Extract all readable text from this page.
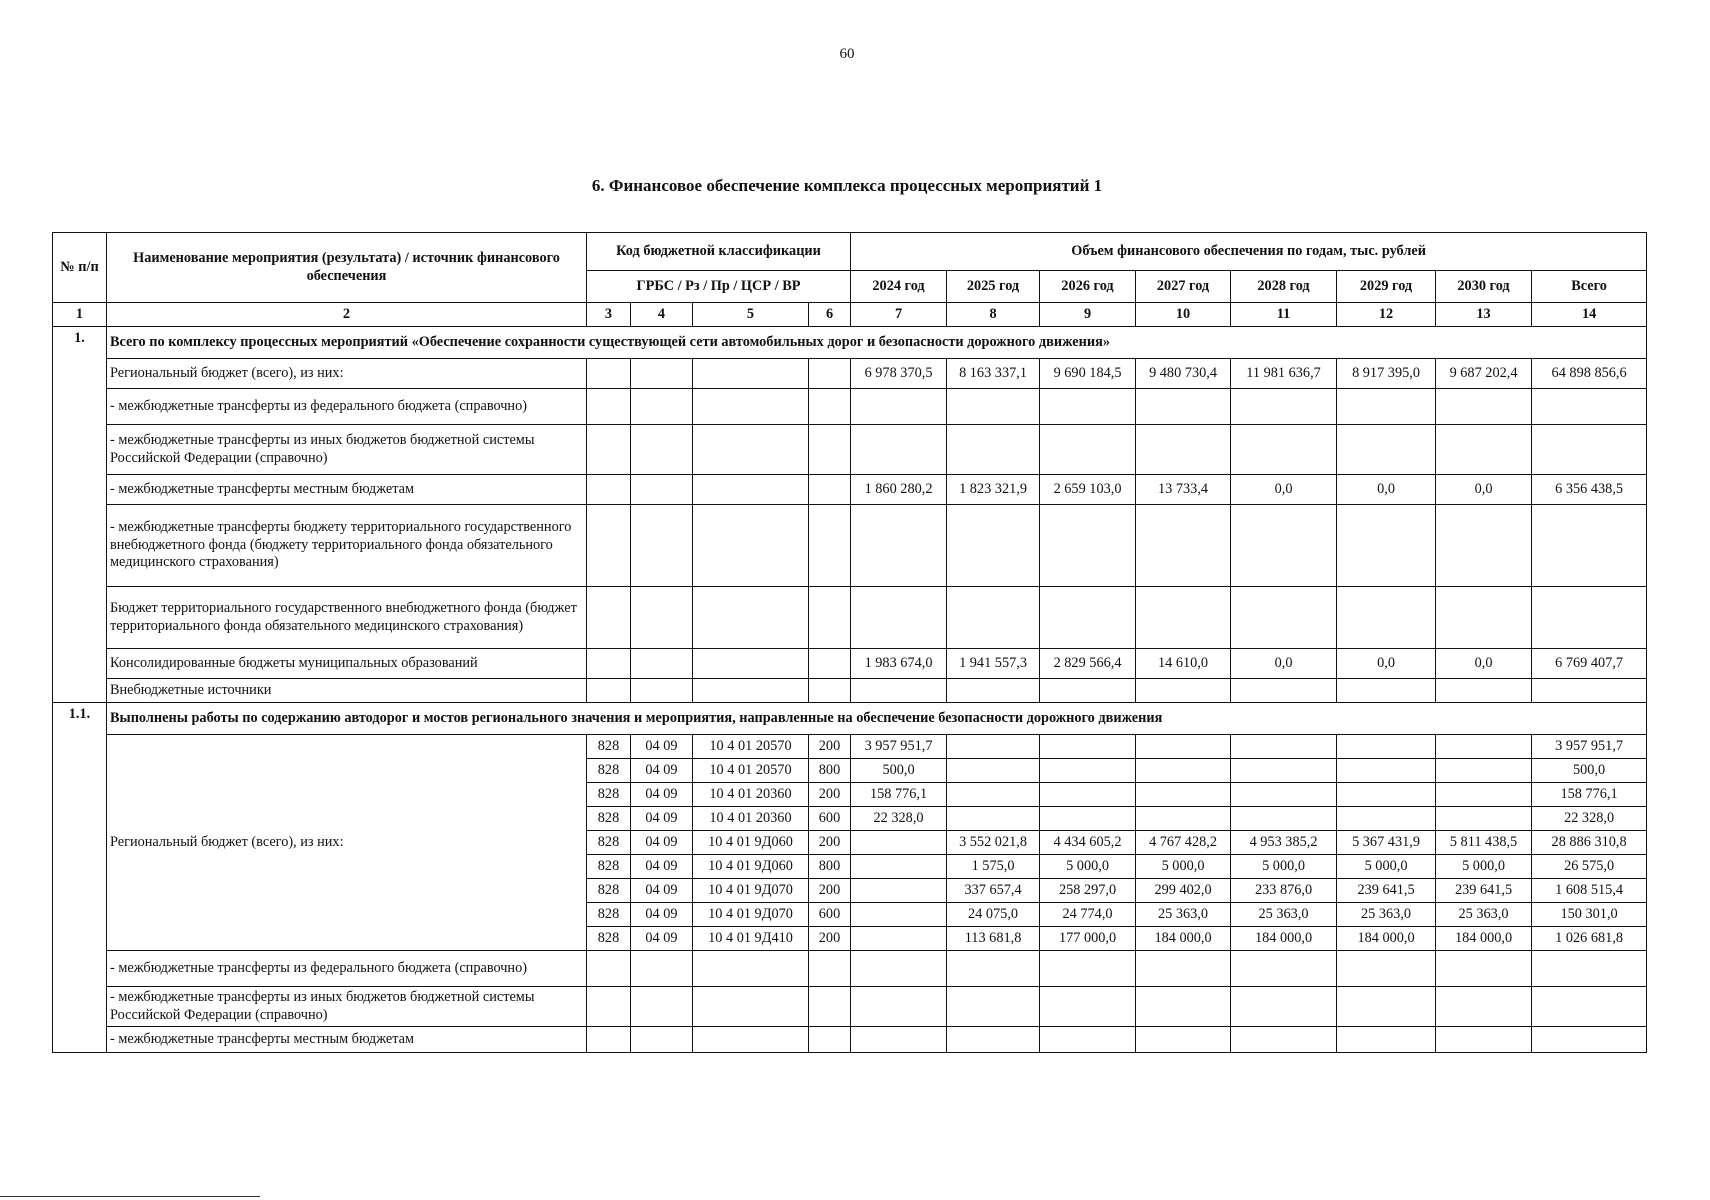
60
6. Финансовое обеспечение комплекса процессных мероприятий 1
№ п/п	Наименование мероприятия (результата) / источник финансового обеспечения	Код бюджетной классификации				Объем финансового обеспечения по годам, тыс. рублей							
		ГРБС / Рз / Пр / ЦСР / ВР				2024 год	2025 год	2026 год	2027 год	2028 год	2029 год	2030 год	Всего
1	2	3	4	5	6	7	8	9	10	11	12	13	14
1.	Всего по комплексу процессных мероприятий «Обеспечение сохранности существующей сети автомобильных дорог и безопасности дорожного движения»												
	Региональный бюджет (всего), из них:					6 978 370,5	8 163 337,1	9 690 184,5	9 480 730,4	11 981 636,7	8 917 395,0	9 687 202,4	64 898 856,6
	- межбюджетные трансферты из федерального бюджета (справочно)												
	- межбюджетные трансферты из иных бюджетов бюджетной системы Российской Федерации (справочно)												
	- межбюджетные трансферты местным бюджетам					1 860 280,2	1 823 321,9	2 659 103,0	13 733,4	0,0	0,0	0,0	6 356 438,5
	- межбюджетные трансферты бюджету территориального государственного внебюджетного фонда (бюджету территориального фонда обязательного медицинского страхования)												
	Бюджет территориального государственного внебюджетного фонда (бюджет территориального фонда обязательного медицинского страхования)												
	Консолидированные бюджеты муниципальных образований					1 983 674,0	1 941 557,3	2 829 566,4	14 610,0	0,0	0,0	0,0	6 769 407,7
	Внебюджетные источники												
1.1.	Выполнены работы по содержанию автодорог и мостов регионального значения и мероприятия, направленные на обеспечение безопасности дорожного движения												
	Региональный бюджет (всего), из них:	828	04 09	10 4 01 20570	200	3 957 951,7							3 957 951,7
		828	04 09	10 4 01 20570	800	500,0							500,0
		828	04 09	10 4 01 20360	200	158 776,1							158 776,1
		828	04 09	10 4 01 20360	600	22 328,0							22 328,0
		828	04 09	10 4 01 9Д060	200		3 552 021,8	4 434 605,2	4 767 428,2	4 953 385,2	5 367 431,9	5 811 438,5	28 886 310,8
		828	04 09	10 4 01 9Д060	800		1 575,0	5 000,0	5 000,0	5 000,0	5 000,0	5 000,0	26 575,0
		828	04 09	10 4 01 9Д070	200		337 657,4	258 297,0	299 402,0	233 876,0	239 641,5	239 641,5	1 608 515,4
		828	04 09	10 4 01 9Д070	600		24 075,0	24 774,0	25 363,0	25 363,0	25 363,0	25 363,0	150 301,0
		828	04 09	10 4 01 9Д410	200		113 681,8	177 000,0	184 000,0	184 000,0	184 000,0	184 000,0	1 026 681,8
	- межбюджетные трансферты из федерального бюджета (справочно)												
	- межбюджетные трансферты из иных бюджетов бюджетной системы Российской Федерации (справочно)												
	- межбюджетные трансферты местным бюджетам												
